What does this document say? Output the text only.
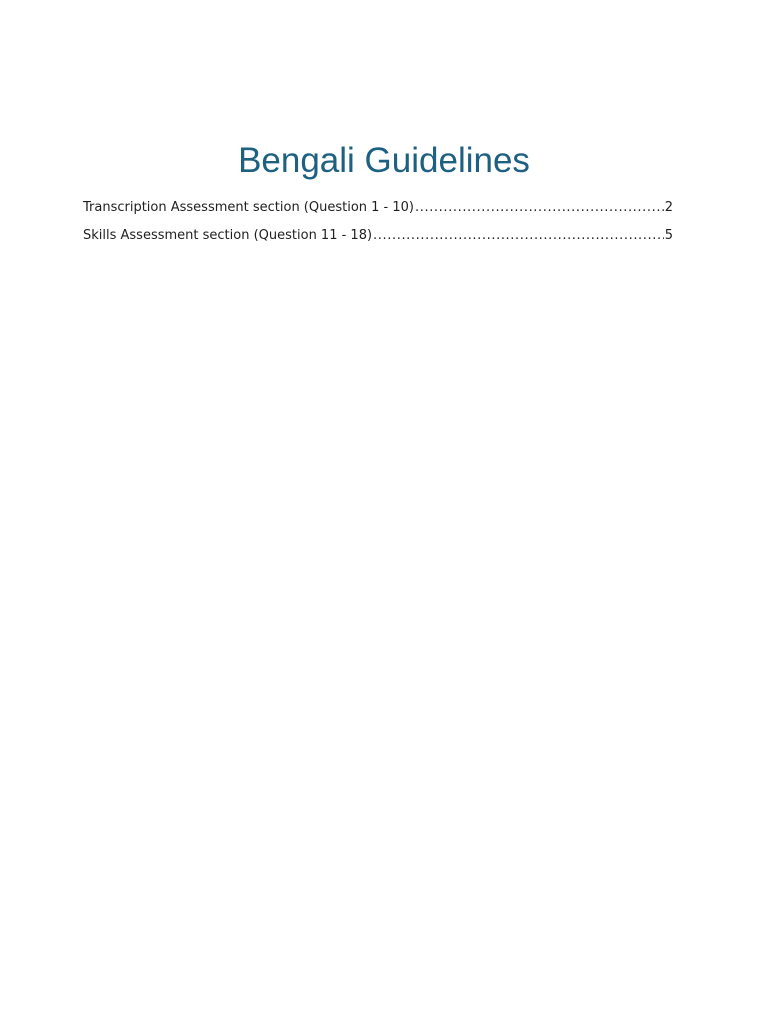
Bengali Guidelines
Transcription Assessment section (Question 1 - 10) .....	2
Skills Assessment section (Question 11 - 18) .....	5
